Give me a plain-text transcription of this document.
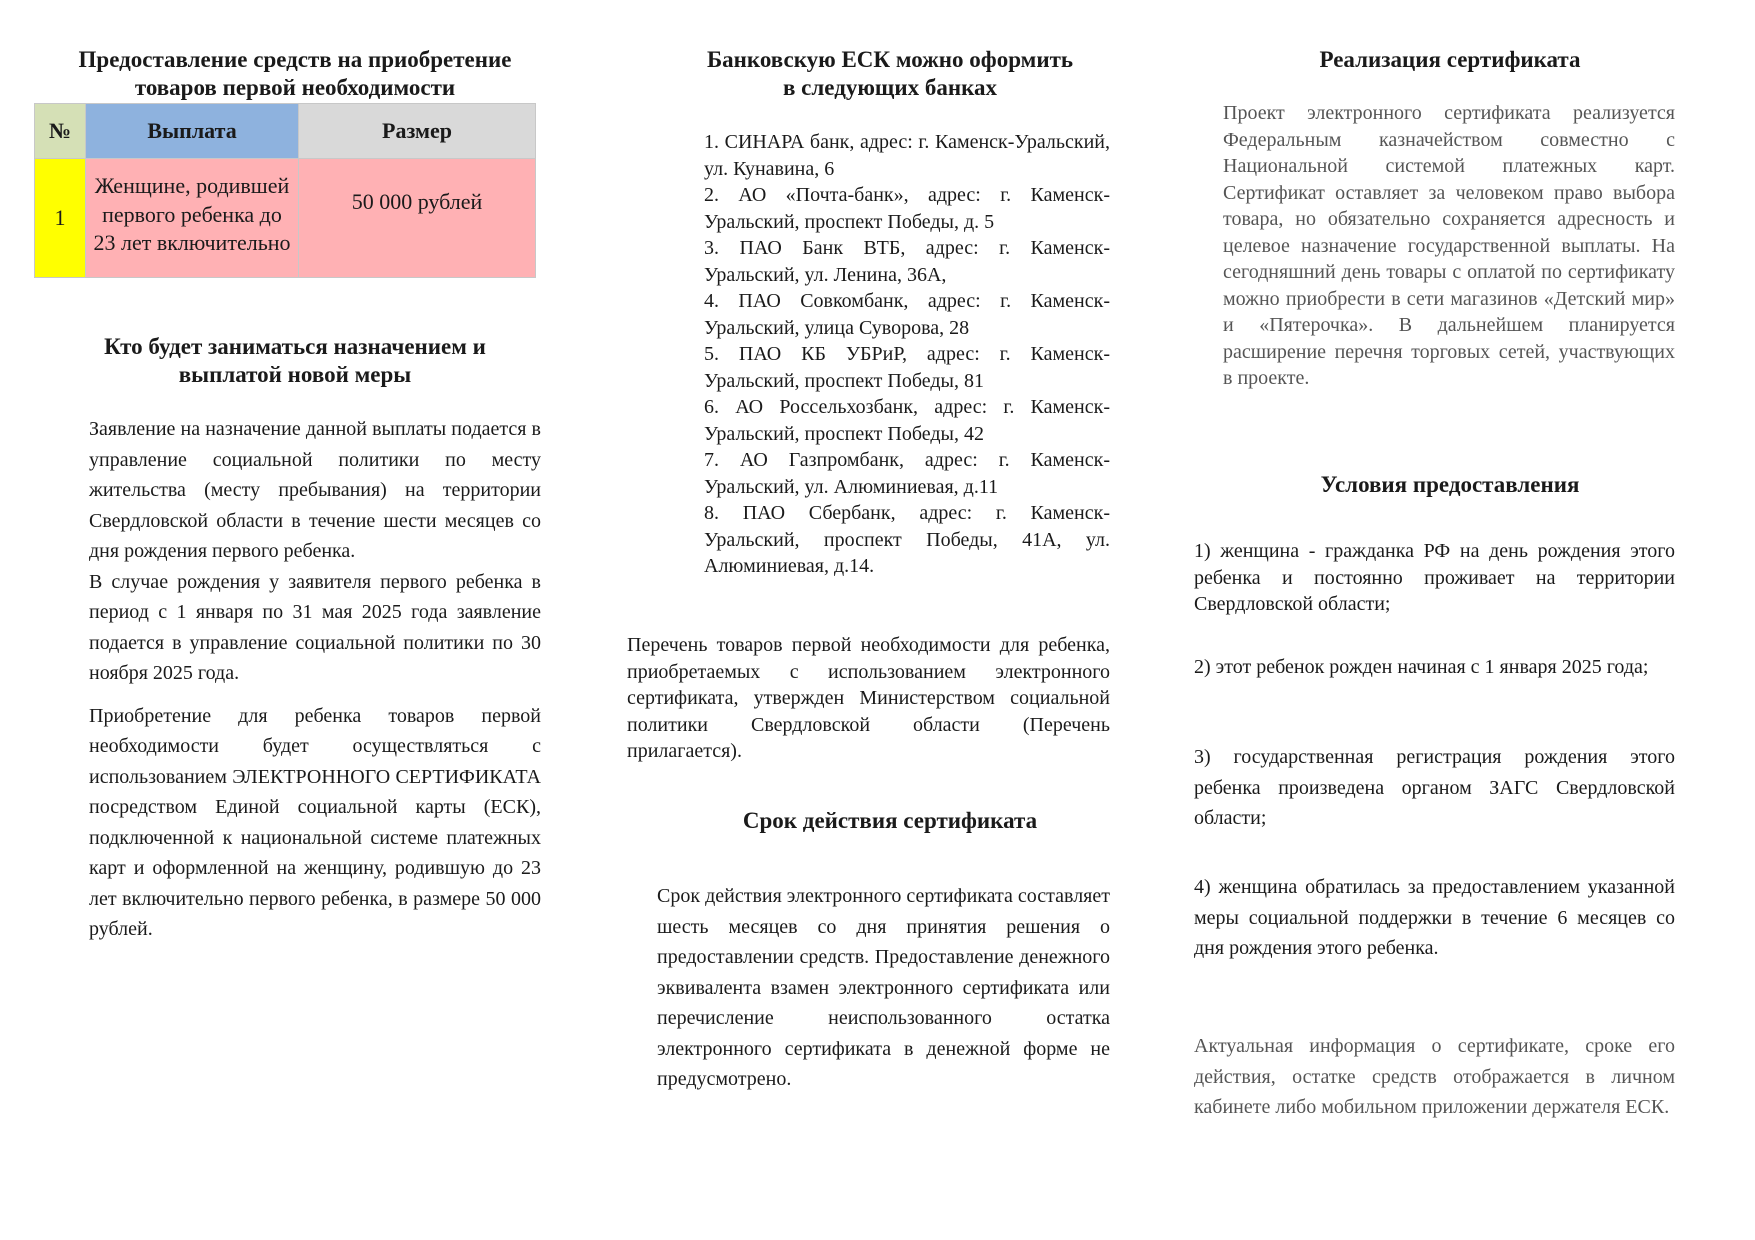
Предоставление средств на приобретение товаров первой необходимости
№	Выплата	Размер
1	Женщине, родившей первого ребенка до 23 лет включительно	50 000 рублей
Кто будет заниматься назначением и выплатой новой меры

Заявление на назначение данной выплаты подается в управление социальной политики по месту жительства (месту пребывания) на территории Свердловской области в течение шести месяцев со дня рождения первого ребенка.

В случае рождения у заявителя первого ребенка в период с 1 января по 31 мая 2025 года заявление подается в управление социальной политики по 30 ноября 2025 года.

Приобретение для ребенка товаров первой необходимости будет осуществляться с использованием ЭЛЕКТРОННОГО СЕРТИФИКАТА посредством Единой социальной карты (ЕСК), подключенной к национальной системе платежных карт и оформленной на женщину, родившую до 23 лет включительно первого ребенка, в размере 50 000 рублей.

Банковскую ЕСК можно оформить в следующих банках

1. СИНАРА банк, адрес: г. Каменск-Уральский, ул. Кунавина, 6

2. АО «Почта-банк», адрес: г. Каменск-Уральский, проспект Победы, д. 5

3. ПАО Банк ВТБ, адрес: г. Каменск-Уральский, ул. Ленина, 36А,

4. ПАО Совкомбанк, адрес: г. Каменск-Уральский, улица Суворова, 28

5. ПАО КБ УБРиР, адрес: г. Каменск-Уральский, проспект Победы, 81

6. АО Россельхозбанк, адрес: г. Каменск-Уральский, проспект Победы, 42

7. АО Газпромбанк, адрес: г. Каменск-Уральский, ул. Алюминиевая, д.11

8. ПАО Сбербанк, адрес: г. Каменск-Уральский, проспект Победы, 41А, ул. Алюминиевая, д.14.

Перечень товаров первой необходимости для ребенка, приобретаемых с использованием электронного сертификата, утвержден Министерством социальной политики Свердловской области (Перечень прилагается).

Срок действия сертификата

Срок действия электронного сертификата составляет шесть месяцев со дня принятия решения о предоставлении средств. Предоставление денежного эквивалента взамен электронного сертификата или перечисление неиспользованного остатка электронного сертификата в денежной форме не предусмотрено.

Реализация сертификата

Проект электронного сертификата реализуется Федеральным казначейством совместно с Национальной системой платежных карт. Сертификат оставляет за человеком право выбора товара, но обязательно сохраняется адресность и целевое назначение государственной выплаты. На сегодняшний день товары с оплатой по сертификату можно приобрести в сети магазинов «Детский мир» и «Пятерочка». В дальнейшем планируется расширение перечня торговых сетей, участвующих в проекте.

Условия предоставления

1) женщина - гражданка РФ на день рождения этого ребенка и постоянно проживает на территории Свердловской области;

2) этот ребенок рожден начиная с 1 января 2025 года;

3) государственная регистрация рождения этого ребенка произведена органом ЗАГС Свердловской области;

4) женщина обратилась за предоставлением указанной меры социальной поддержки в течение 6 месяцев со дня рождения этого ребенка.

Актуальная информация о сертификате, сроке его действия, остатке средств отображается в личном кабинете либо мобильном приложении держателя ЕСК.
